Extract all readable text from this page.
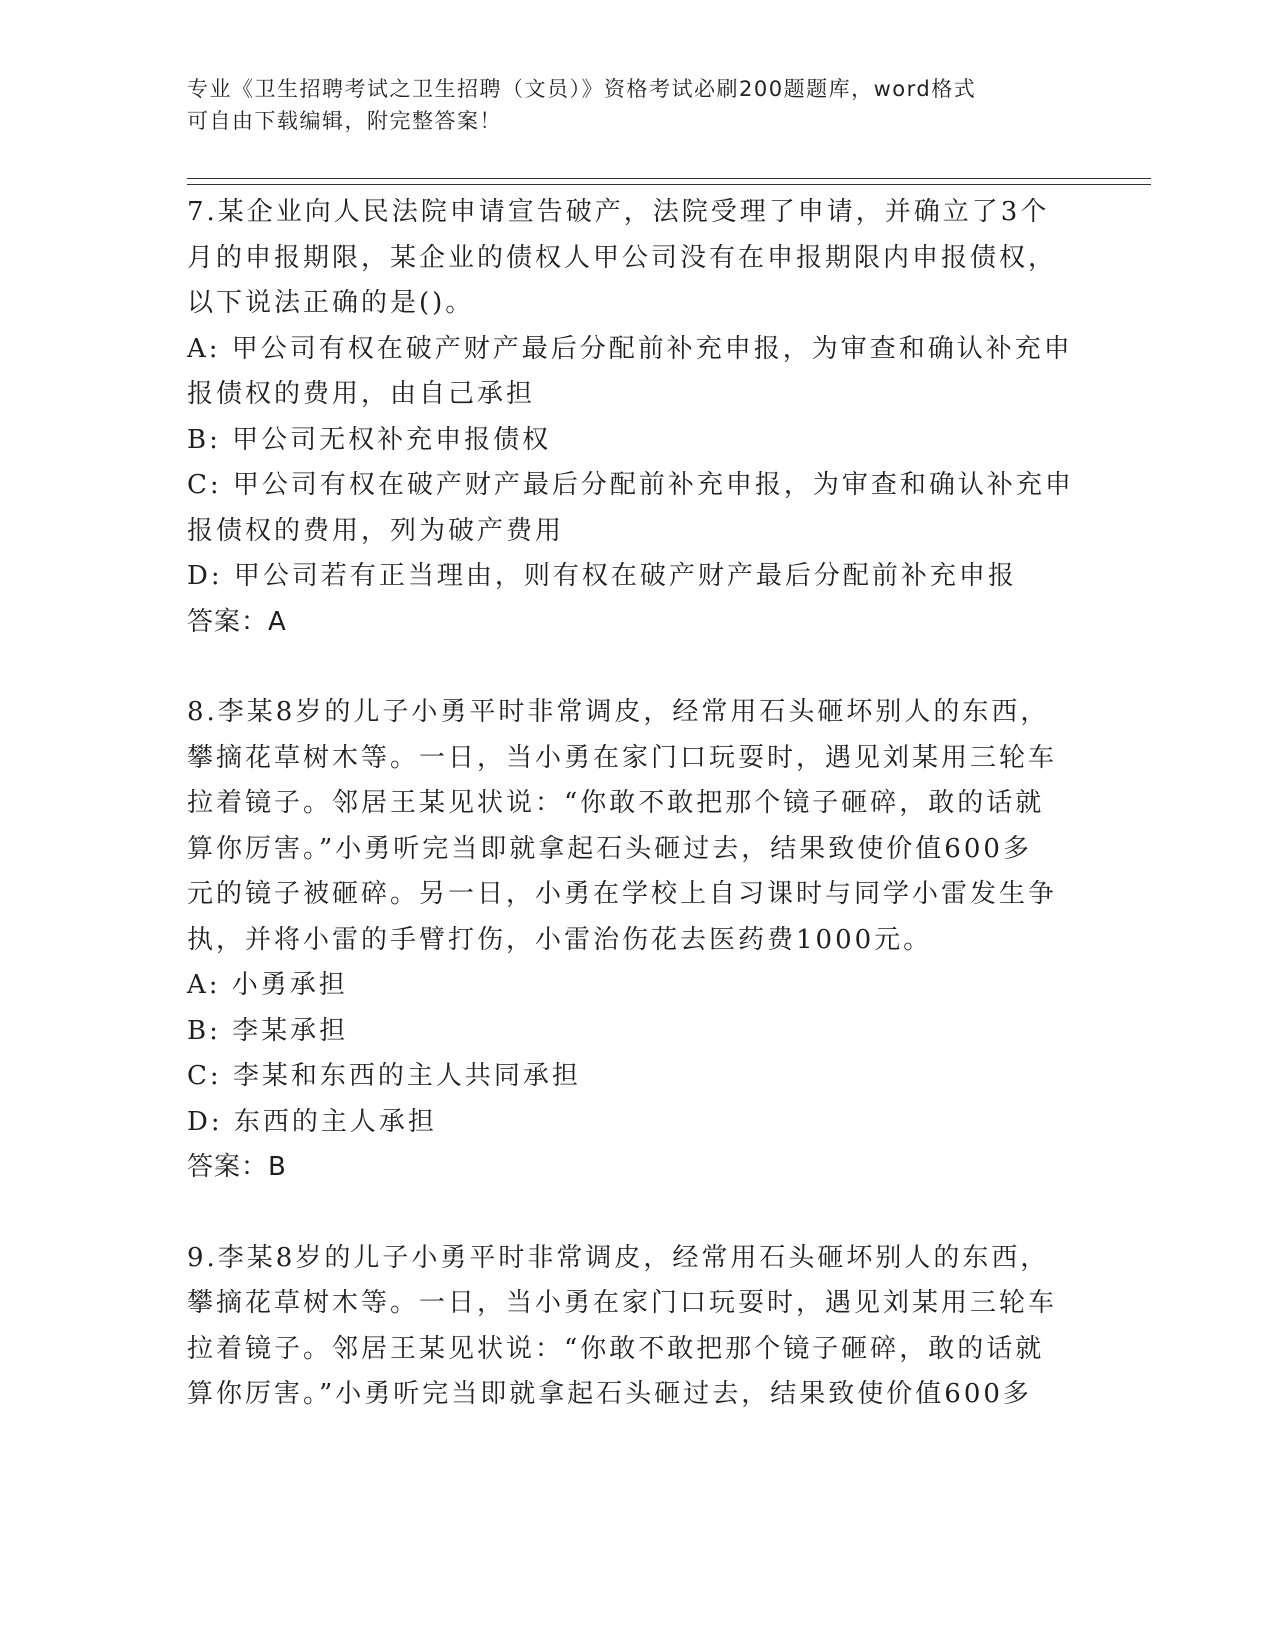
专业《卫生招聘考试之卫生招聘（文员）》资格考试必刷200题题库，word格式
可自由下载编辑，附完整答案！
7.某企业向人民法院申请宣告破产，法院受理了申请，并确立了3个
月的申报期限，某企业的债权人甲公司没有在申报期限内申报债权，
以下说法正确的是()。
A: 甲公司有权在破产财产最后分配前补充申报，为审查和确认补充申
报债权的费用，由自己承担
B: 甲公司无权补充申报债权
C: 甲公司有权在破产财产最后分配前补充申报，为审查和确认补充申
报债权的费用，列为破产费用
D: 甲公司若有正当理由，则有权在破产财产最后分配前补充申报
答案：A
8.李某8岁的儿子小勇平时非常调皮，经常用石头砸坏别人的东西，
攀摘花草树木等。一日，当小勇在家门口玩耍时，遇见刘某用三轮车
拉着镜子。邻居王某见状说：“你敢不敢把那个镜子砸碎，敢的话就
算你厉害。”小勇听完当即就拿起石头砸过去，结果致使价值600多
元的镜子被砸碎。另一日，小勇在学校上自习课时与同学小雷发生争
执，并将小雷的手臂打伤，小雷治伤花去医药费1000元。
A: 小勇承担
B: 李某承担
C: 李某和东西的主人共同承担
D: 东西的主人承担
答案：B
9.李某8岁的儿子小勇平时非常调皮，经常用石头砸坏别人的东西，
攀摘花草树木等。一日，当小勇在家门口玩耍时，遇见刘某用三轮车
拉着镜子。邻居王某见状说：“你敢不敢把那个镜子砸碎，敢的话就
算你厉害。”小勇听完当即就拿起石头砸过去，结果致使价值600多
